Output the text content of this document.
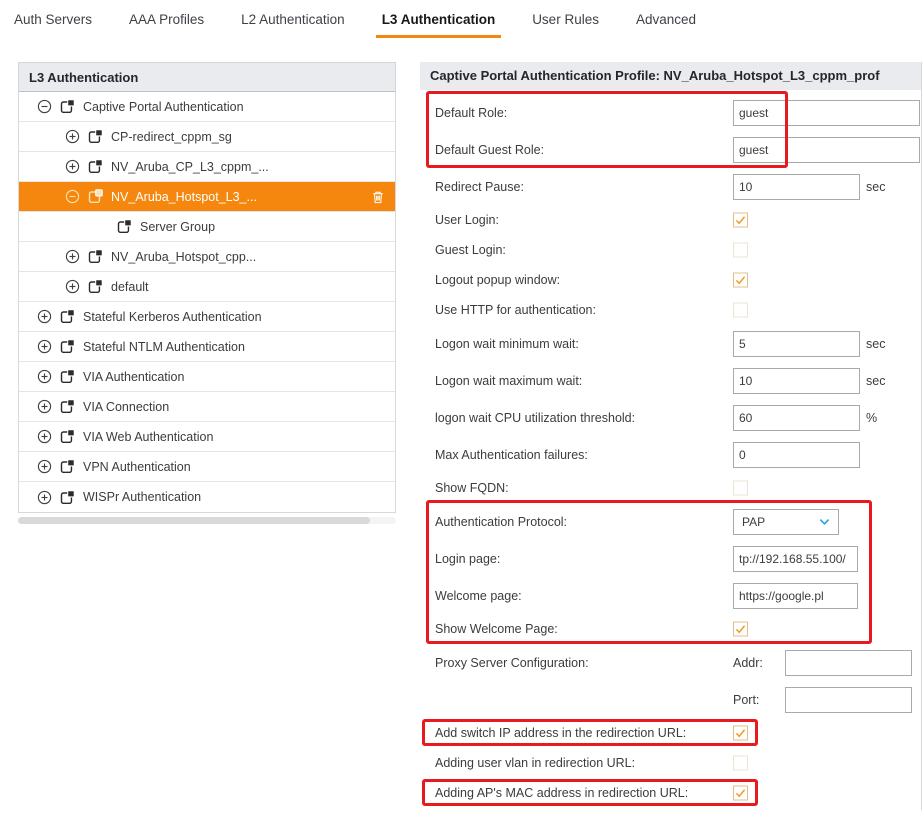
Auth Servers	AAA Profiles	L2 Authentication	L3 Authentication	User Rules	Advanced
L3 Authentication
Captive Portal Authentication
CP-redirect_cppm_sg
NV_Aruba_CP_L3_cppm_...
NV_Aruba_Hotspot_L3_...
Server Group
NV_Aruba_Hotspot_cpp...
default
Stateful Kerberos Authentication
Stateful NTLM Authentication
VIA Authentication
VIA Connection
VIA Web Authentication
VPN Authentication
WISPr Authentication
Captive Portal Authentication Profile: NV_Aruba_Hotspot_L3_cppm_prof
Default Role:
guest
Default Guest Role:
guest
Redirect Pause:
10	sec
User Login:
Guest Login:
Logout popup window:
Use HTTP for authentication:
Logon wait minimum wait:
5	sec
Logon wait maximum wait:
10	sec
logon wait CPU utilization threshold:
60	%
Max Authentication failures:
0
Show FQDN:
Authentication Protocol:	PAP
Login page:
tp://192.168.55.100/
Welcome page:
https://google.pl
Show Welcome Page:
Proxy Server Configuration:	Addr:
Port:
Add switch IP address in the redirection URL:
Adding user vlan in redirection URL:
Adding AP's MAC address in redirection URL:
